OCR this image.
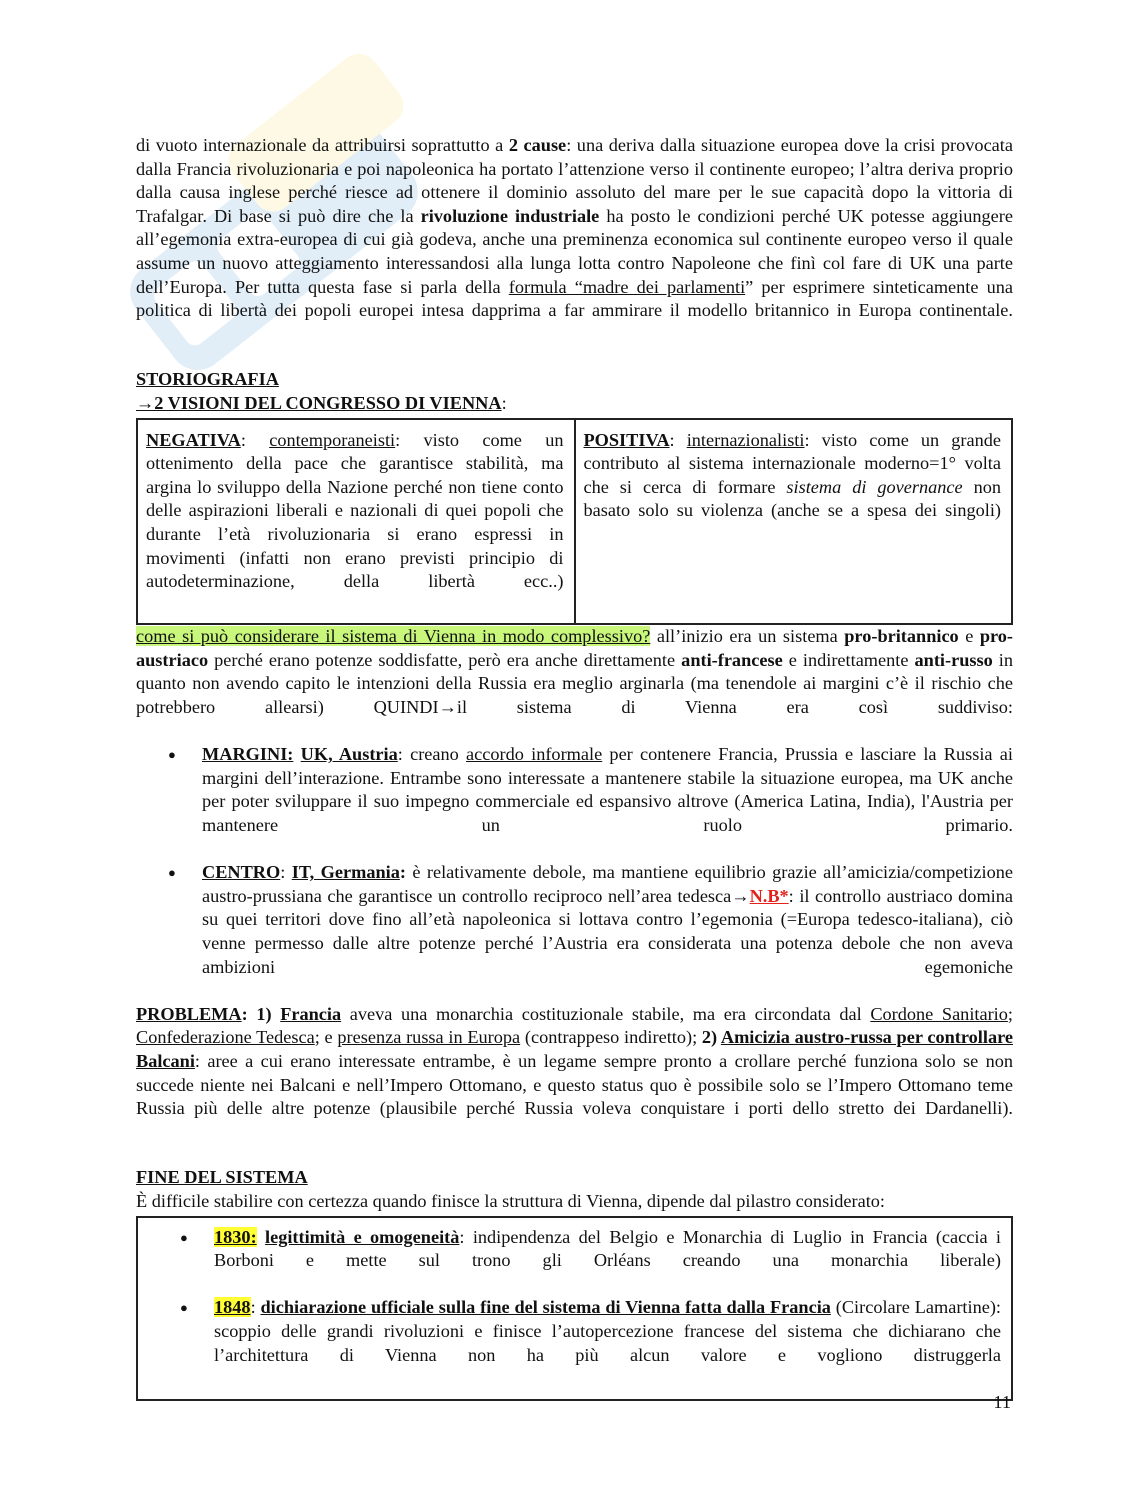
di vuoto internazionale da attribuirsi soprattutto a 2 cause: una deriva dalla situazione europea dove la crisi provocata dalla Francia rivoluzionaria e poi napoleonica ha portato l’attenzione verso il continente europeo; l’altra deriva proprio dalla causa inglese perché riesce ad ottenere il dominio assoluto del mare per le sue capacità dopo la vittoria di Trafalgar. Di base si può dire che la rivoluzione industriale ha posto le condizioni perché UK potesse aggiungere all’egemonia extra-europea di cui già godeva, anche una preminenza economica sul continente europeo verso il quale assume un nuovo atteggiamento interessandosi alla lunga lotta contro Napoleone che finì col fare di UK una parte dell’Europa. Per tutta questa fase si parla della formula “madre dei parlamenti” per esprimere sinteticamente una politica di libertà dei popoli europei intesa dapprima a far ammirare il modello britannico in Europa continentale.

STORIOGRAFIA

→2 VISIONI DEL CONGRESSO DI VIENNA:

NEGATIVA: contemporaneisti: visto come un ottenimento della pace che garantisce stabilità, ma argina lo sviluppo della Nazione perché non tiene conto delle aspirazioni liberali e nazionali di quei popoli che durante l’età rivoluzionaria si erano espressi in movimenti (infatti non erano previsti principio di autodeterminazione, della libertà ecc..)

POSITIVA: internazionalisti: visto come un grande contributo al sistema internazionale moderno=1° volta che si cerca di formare sistema di governance non basato solo su violenza (anche se a spesa dei singoli)

come si può considerare il sistema di Vienna in modo complessivo? all’inizio era un sistema pro-britannico e pro-austriaco perché erano potenze soddisfatte, però era anche direttamente anti-francese e indirettamente anti-russo in quanto non avendo capito le intenzioni della Russia era meglio arginarla (ma tenendole ai margini c’è il rischio che potrebbero allearsi) QUINDI→il sistema di Vienna era così suddiviso:

● MARGINI: UK, Austria: creano accordo informale per contenere Francia, Prussia e lasciare la Russia ai margini dell’interazione. Entrambe sono interessate a mantenere stabile la situazione europea, ma UK anche per poter sviluppare il suo impegno commerciale ed espansivo altrove (America Latina, India), l'Austria per mantenere un ruolo primario.

● CENTRO: IT, Germania: è relativamente debole, ma mantiene equilibrio grazie all’amicizia/competizione austro-prussiana che garantisce un controllo reciproco nell’area tedesca→N.B*: il controllo austriaco domina su quei territori dove fino all’età napoleonica si lottava contro l’egemonia (=Europa tedesco-italiana), ciò venne permesso dalle altre potenze perché l’Austria era considerata una potenza debole che non aveva ambizioni egemoniche

PROBLEMA: 1) Francia aveva una monarchia costituzionale stabile, ma era circondata dal Cordone Sanitario; Confederazione Tedesca; e presenza russa in Europa (contrappeso indiretto); 2) Amicizia austro-russa per controllare Balcani: aree a cui erano interessate entrambe, è un legame sempre pronto a crollare perché funziona solo se non succede niente nei Balcani e nell’Impero Ottomano, e questo status quo è possibile solo se l’Impero Ottomano teme Russia più delle altre potenze (plausibile perché Russia voleva conquistare i porti dello stretto dei Dardanelli).

FINE DEL SISTEMA

È difficile stabilire con certezza quando finisce la struttura di Vienna, dipende dal pilastro considerato:

● 1830: legittimità e omogeneità: indipendenza del Belgio e Monarchia di Luglio in Francia (caccia i Borboni e mette sul trono gli Orléans creando una monarchia liberale)

● 1848: dichiarazione ufficiale sulla fine del sistema di Vienna fatta dalla Francia (Circolare Lamartine): scoppio delle grandi rivoluzioni e finisce l’autopercezione francese del sistema che dichiarano che l’architettura di Vienna non ha più alcun valore e vogliono distruggerla

11
